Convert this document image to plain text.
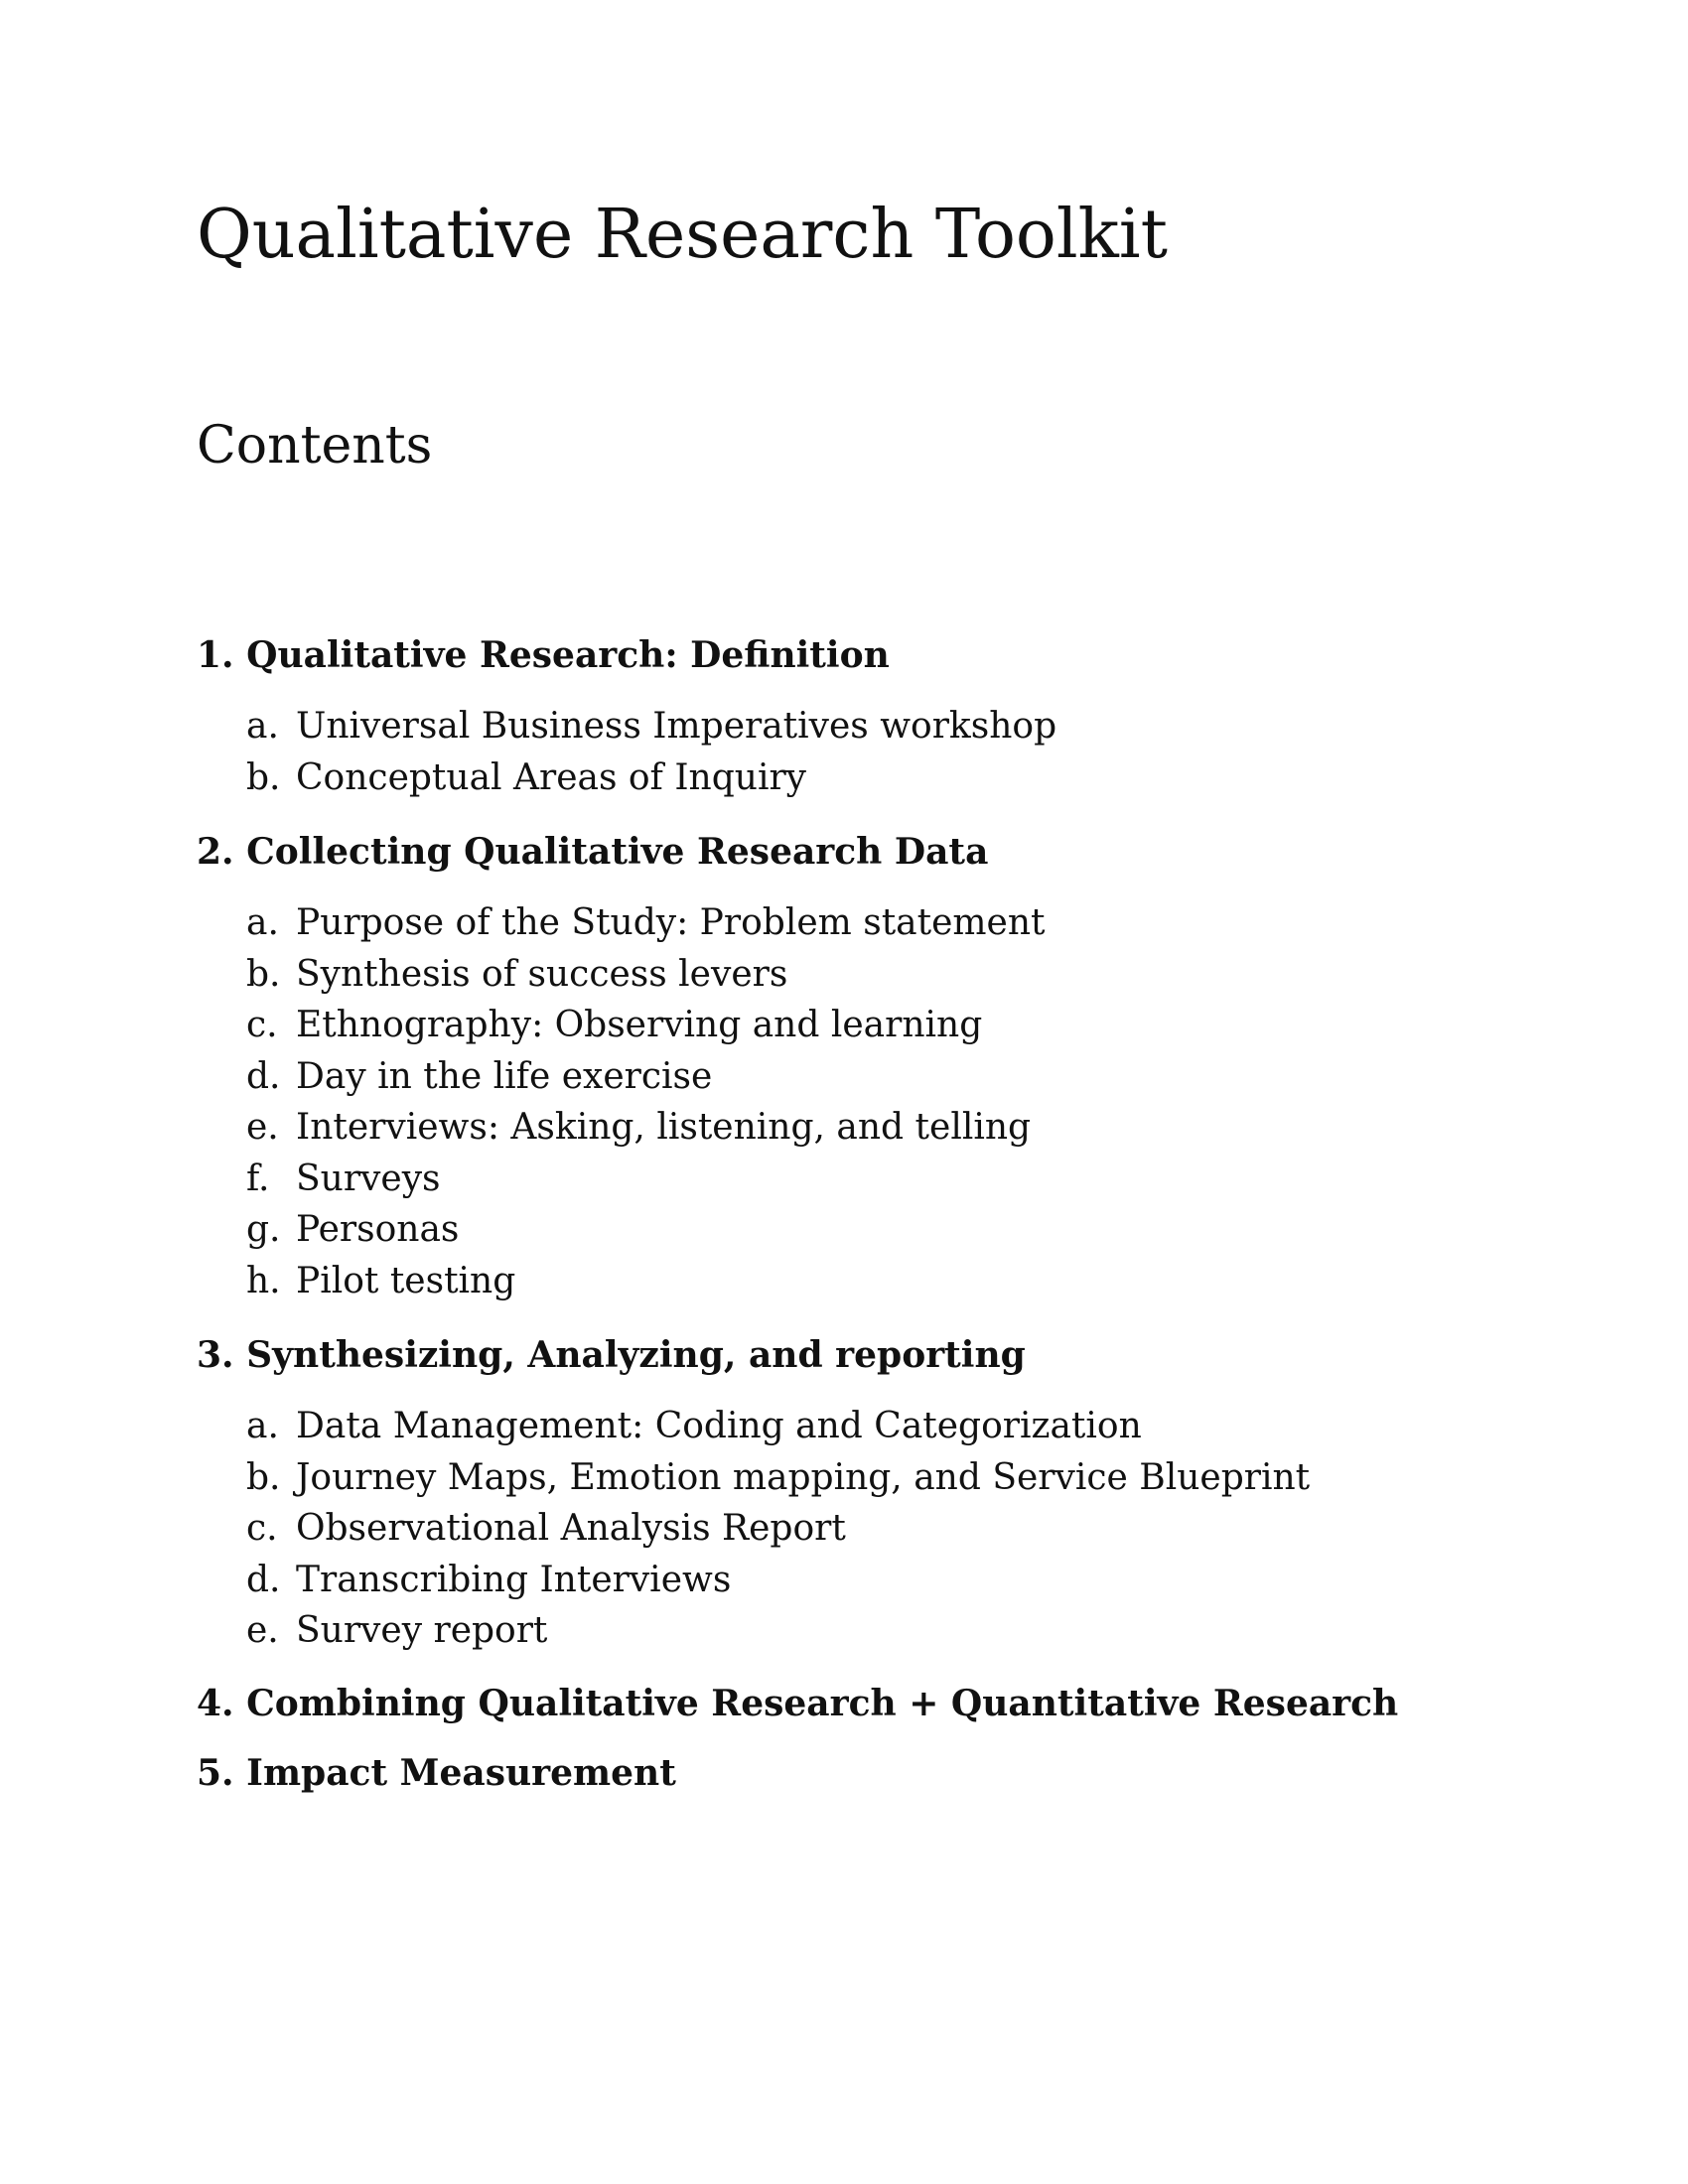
Qualitative Research Toolkit
Contents
1. Qualitative Research: Definition
a. Universal Business Imperatives workshop
b. Conceptual Areas of Inquiry
2. Collecting Qualitative Research Data
a. Purpose of the Study: Problem statement
b. Synthesis of success levers
c. Ethnography: Observing and learning
d. Day in the life exercise
e. Interviews: Asking, listening, and telling
f. Surveys
g. Personas
h. Pilot testing
3. Synthesizing, Analyzing, and reporting
a. Data Management: Coding and Categorization
b. Journey Maps, Emotion mapping, and Service Blueprint
c. Observational Analysis Report
d. Transcribing Interviews
e. Survey report
4. Combining Qualitative Research + Quantitative Research
5. Impact Measurement
